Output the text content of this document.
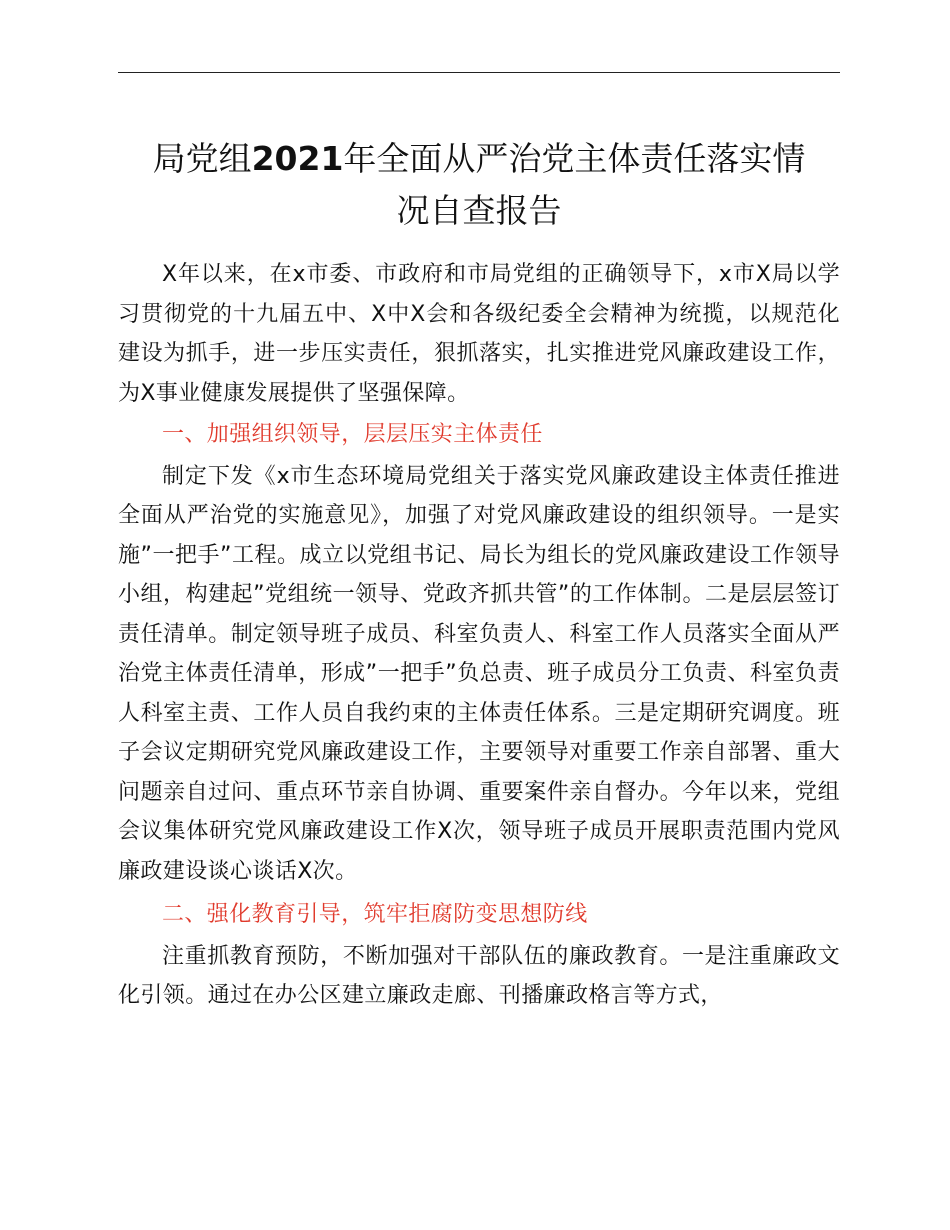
局党组2021年全面从严治党主体责任落实情
况自查报告

X年以来，在x市委、市政府和市局党组的正确领导下，x市X局以学习贯彻党的十九届五中、X中X会和各级纪委全会精神为统揽，以规范化建设为抓手，进一步压实责任，狠抓落实，扎实推进党风廉政建设工作，为X事业健康发展提供了坚强保障。

一、加强组织领导，层层压实主体责任

制定下发《x市生态环境局党组关于落实党风廉政建设主体责任推进全面从严治党的实施意见》，加强了对党风廉政建设的组织领导。一是实施”一把手”工程。成立以党组书记、局长为组长的党风廉政建设工作领导小组，构建起”党组统一领导、党政齐抓共管”的工作体制。二是层层签订责任清单。制定领导班子成员、科室负责人、科室工作人员落实全面从严治党主体责任清单，形成”一把手”负总责、班子成员分工负责、科室负责人科室主责、工作人员自我约束的主体责任体系。三是定期研究调度。班子会议定期研究党风廉政建设工作，主要领导对重要工作亲自部署、重大问题亲自过问、重点环节亲自协调、重要案件亲自督办。今年以来，党组会议集体研究党风廉政建设工作X次，领导班子成员开展职责范围内党风廉政建设谈心谈话X次。

二、强化教育引导，筑牢拒腐防变思想防线

注重抓教育预防，不断加强对干部队伍的廉政教育。一是注重廉政文化引领。通过在办公区建立廉政走廊、刊播廉政格言等方式，
